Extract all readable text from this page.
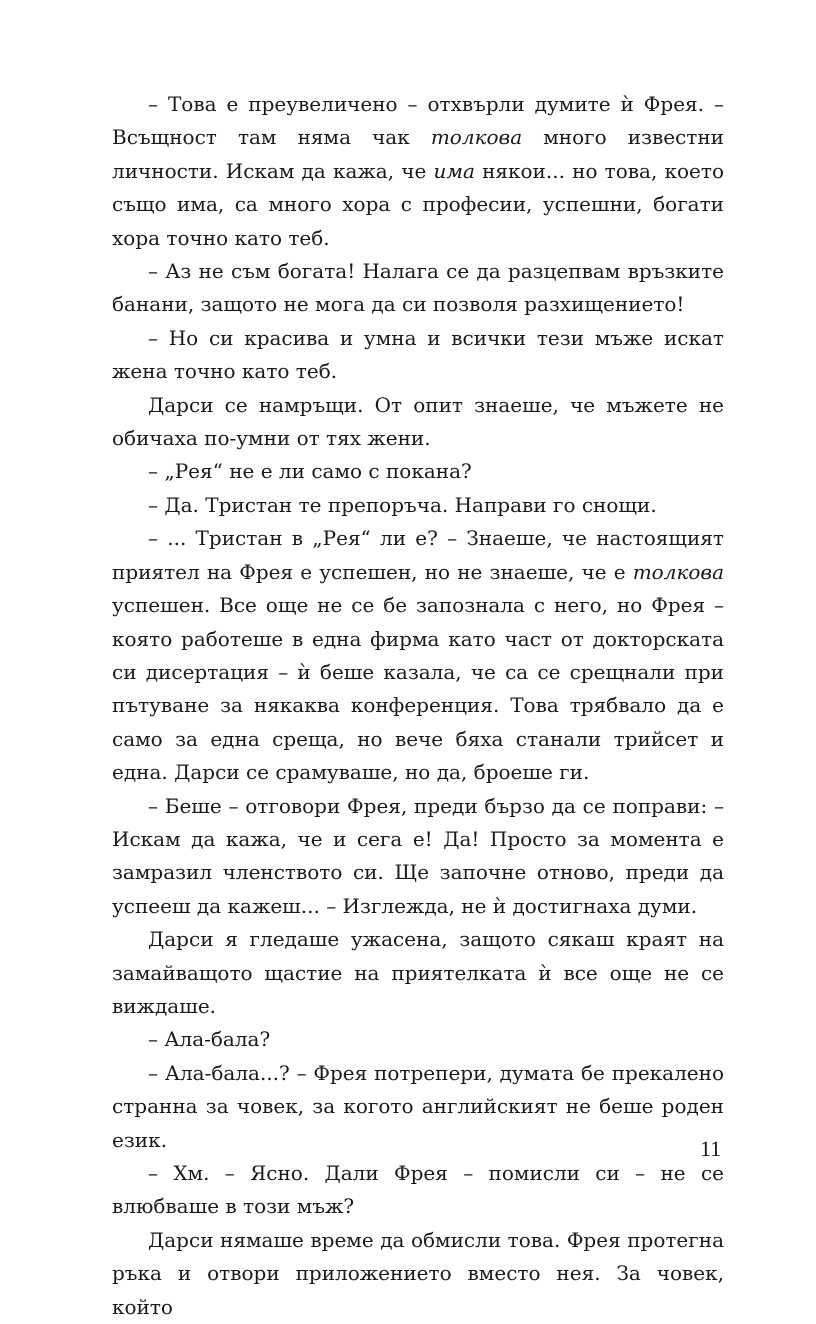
– Това е преувеличено – отхвърли думите ѝ Фрея. – Всъщност там няма чак толкова много известни личности. Искам да кажа, че има някои... но това, което също има, са много хора с професии, успешни, богати хора точно като теб.

– Аз не съм богата! Налага се да разцепвам връзките банани, защото не мога да си позволя разхищението!

– Но си красива и умна и всички тези мъже искат жена точно като теб.

Дарси се намръщи. От опит знаеше, че мъжете не обичаха по-умни от тях жени.

– „Рея“ не е ли само с покана?

– Да. Тристан те препоръча. Направи го снощи.

– ... Тристан в „Рея“ ли е? – Знаеше, че настоящият приятел на Фрея е успешен, но не знаеше, че е толкова успешен. Все още не се бе запознала с него, но Фрея – която работеше в една фирма като част от докторската си дисертация – ѝ беше казала, че са се срещнали при пътуване за някаква конференция. Това трябвало да е само за една среща, но вече бяха станали трийсет и една. Дарси се срамуваше, но да, броеше ги.

– Беше – отговори Фрея, преди бързо да се поправи: – Искам да кажа, че и сега е! Да! Просто за момента е замразил членството си. Ще започне отново, преди да успееш да кажеш... – Изглежда, не ѝ достигнаха думи.

Дарси я гледаше ужасена, защото сякаш краят на замайващото щастие на приятелката ѝ все още не се виждаше.

– Ала-бала?

– Ала-бала...? – Фрея потрепери, думата бе прекалено странна за човек, за когото английският не беше роден език.

– Хм. – Ясно. Дали Фрея – помисли си – не се влюбваше в този мъж?

Дарси нямаше време да обмисли това. Фрея протегна ръка и отвори приложението вместо нея. За човек, който

11
